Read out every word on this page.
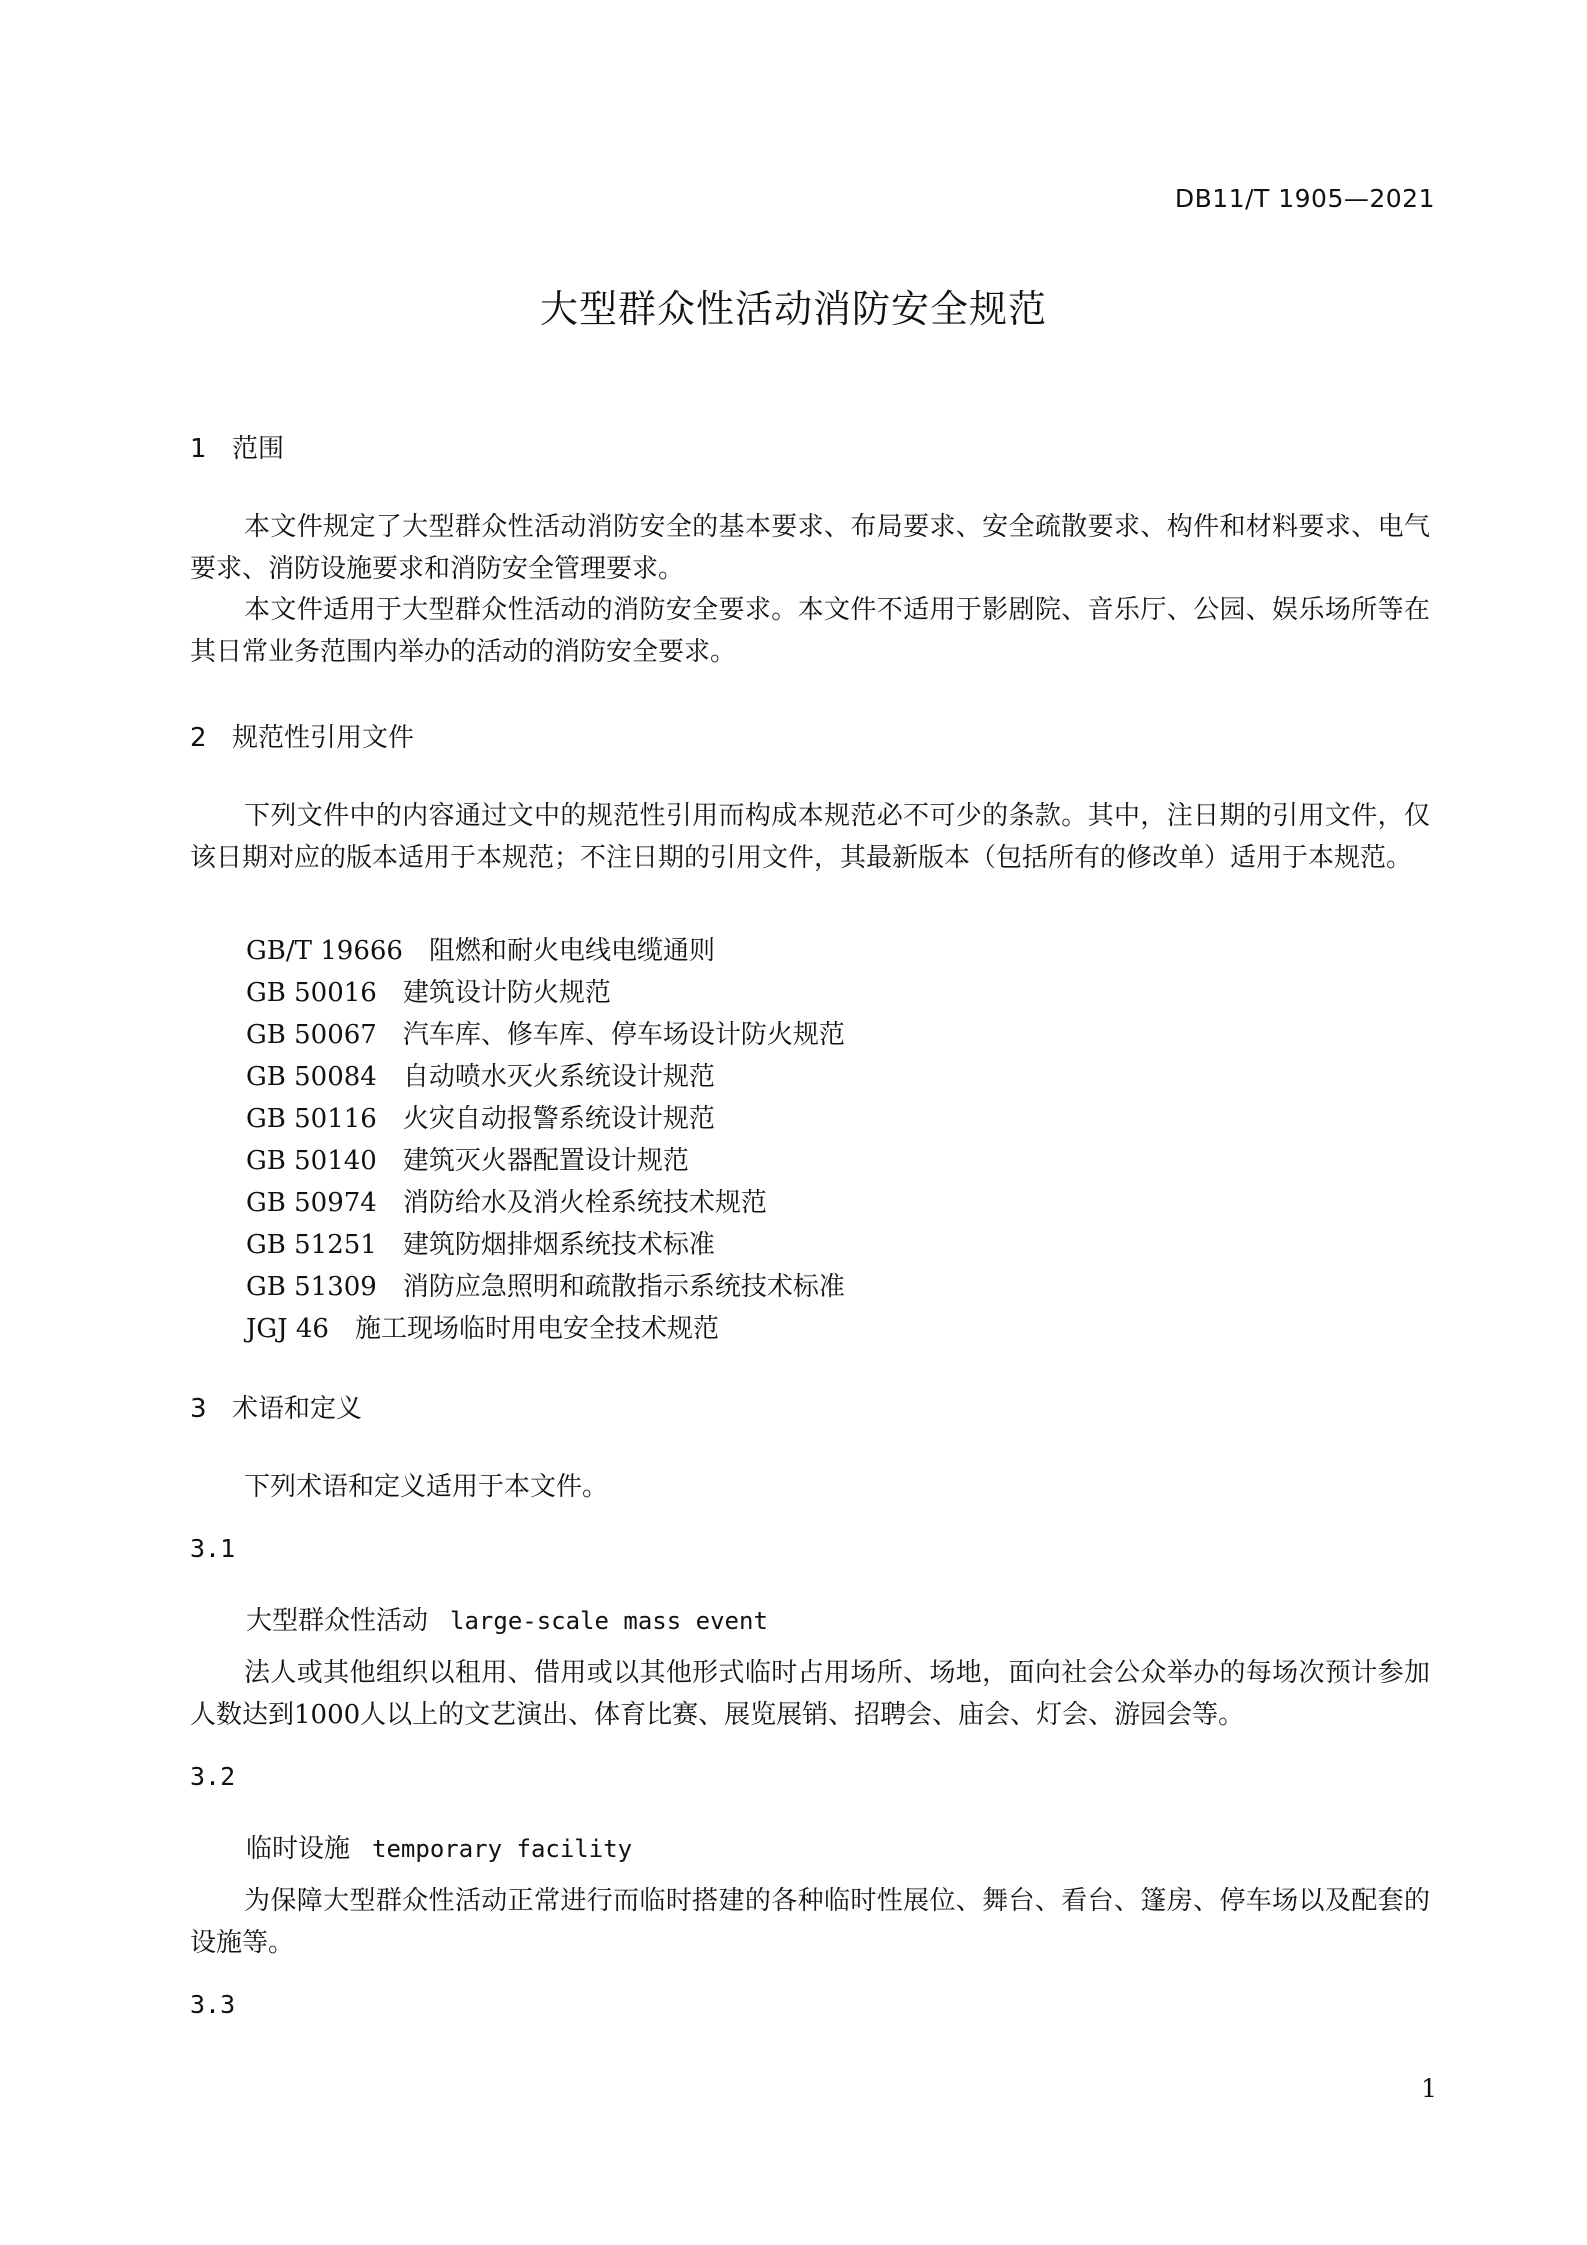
DB11/T 1905—2021
大型群众性活动消防安全规范
1 范围
本文件规定了大型群众性活动消防安全的基本要求、布局要求、安全疏散要求、构件和材料要求、电气要求、消防设施要求和消防安全管理要求。
本文件适用于大型群众性活动的消防安全要求。本文件不适用于影剧院、音乐厅、公园、娱乐场所等在其日常业务范围内举办的活动的消防安全要求。
2 规范性引用文件
下列文件中的内容通过文中的规范性引用而构成本规范必不可少的条款。其中，注日期的引用文件，仅该日期对应的版本适用于本规范；不注日期的引用文件，其最新版本（包括所有的修改单）适用于本规范。
GB/T 19666 阻燃和耐火电线电缆通则
GB 50016 建筑设计防火规范
GB 50067 汽车库、修车库、停车场设计防火规范
GB 50084 自动喷水灭火系统设计规范
GB 50116 火灾自动报警系统设计规范
GB 50140 建筑灭火器配置设计规范
GB 50974 消防给水及消火栓系统技术规范
GB 51251 建筑防烟排烟系统技术标准
GB 51309 消防应急照明和疏散指示系统技术标准
JGJ 46 施工现场临时用电安全技术规范
3 术语和定义
下列术语和定义适用于本文件。
3.1
大型群众性活动 large-scale mass event
法人或其他组织以租用、借用或以其他形式临时占用场所、场地，面向社会公众举办的每场次预计参加人数达到1000人以上的文艺演出、体育比赛、展览展销、招聘会、庙会、灯会、游园会等。
3.2
临时设施 temporary facility
为保障大型群众性活动正常进行而临时搭建的各种临时性展位、舞台、看台、篷房、停车场以及配套的设施等。
3.3
1
